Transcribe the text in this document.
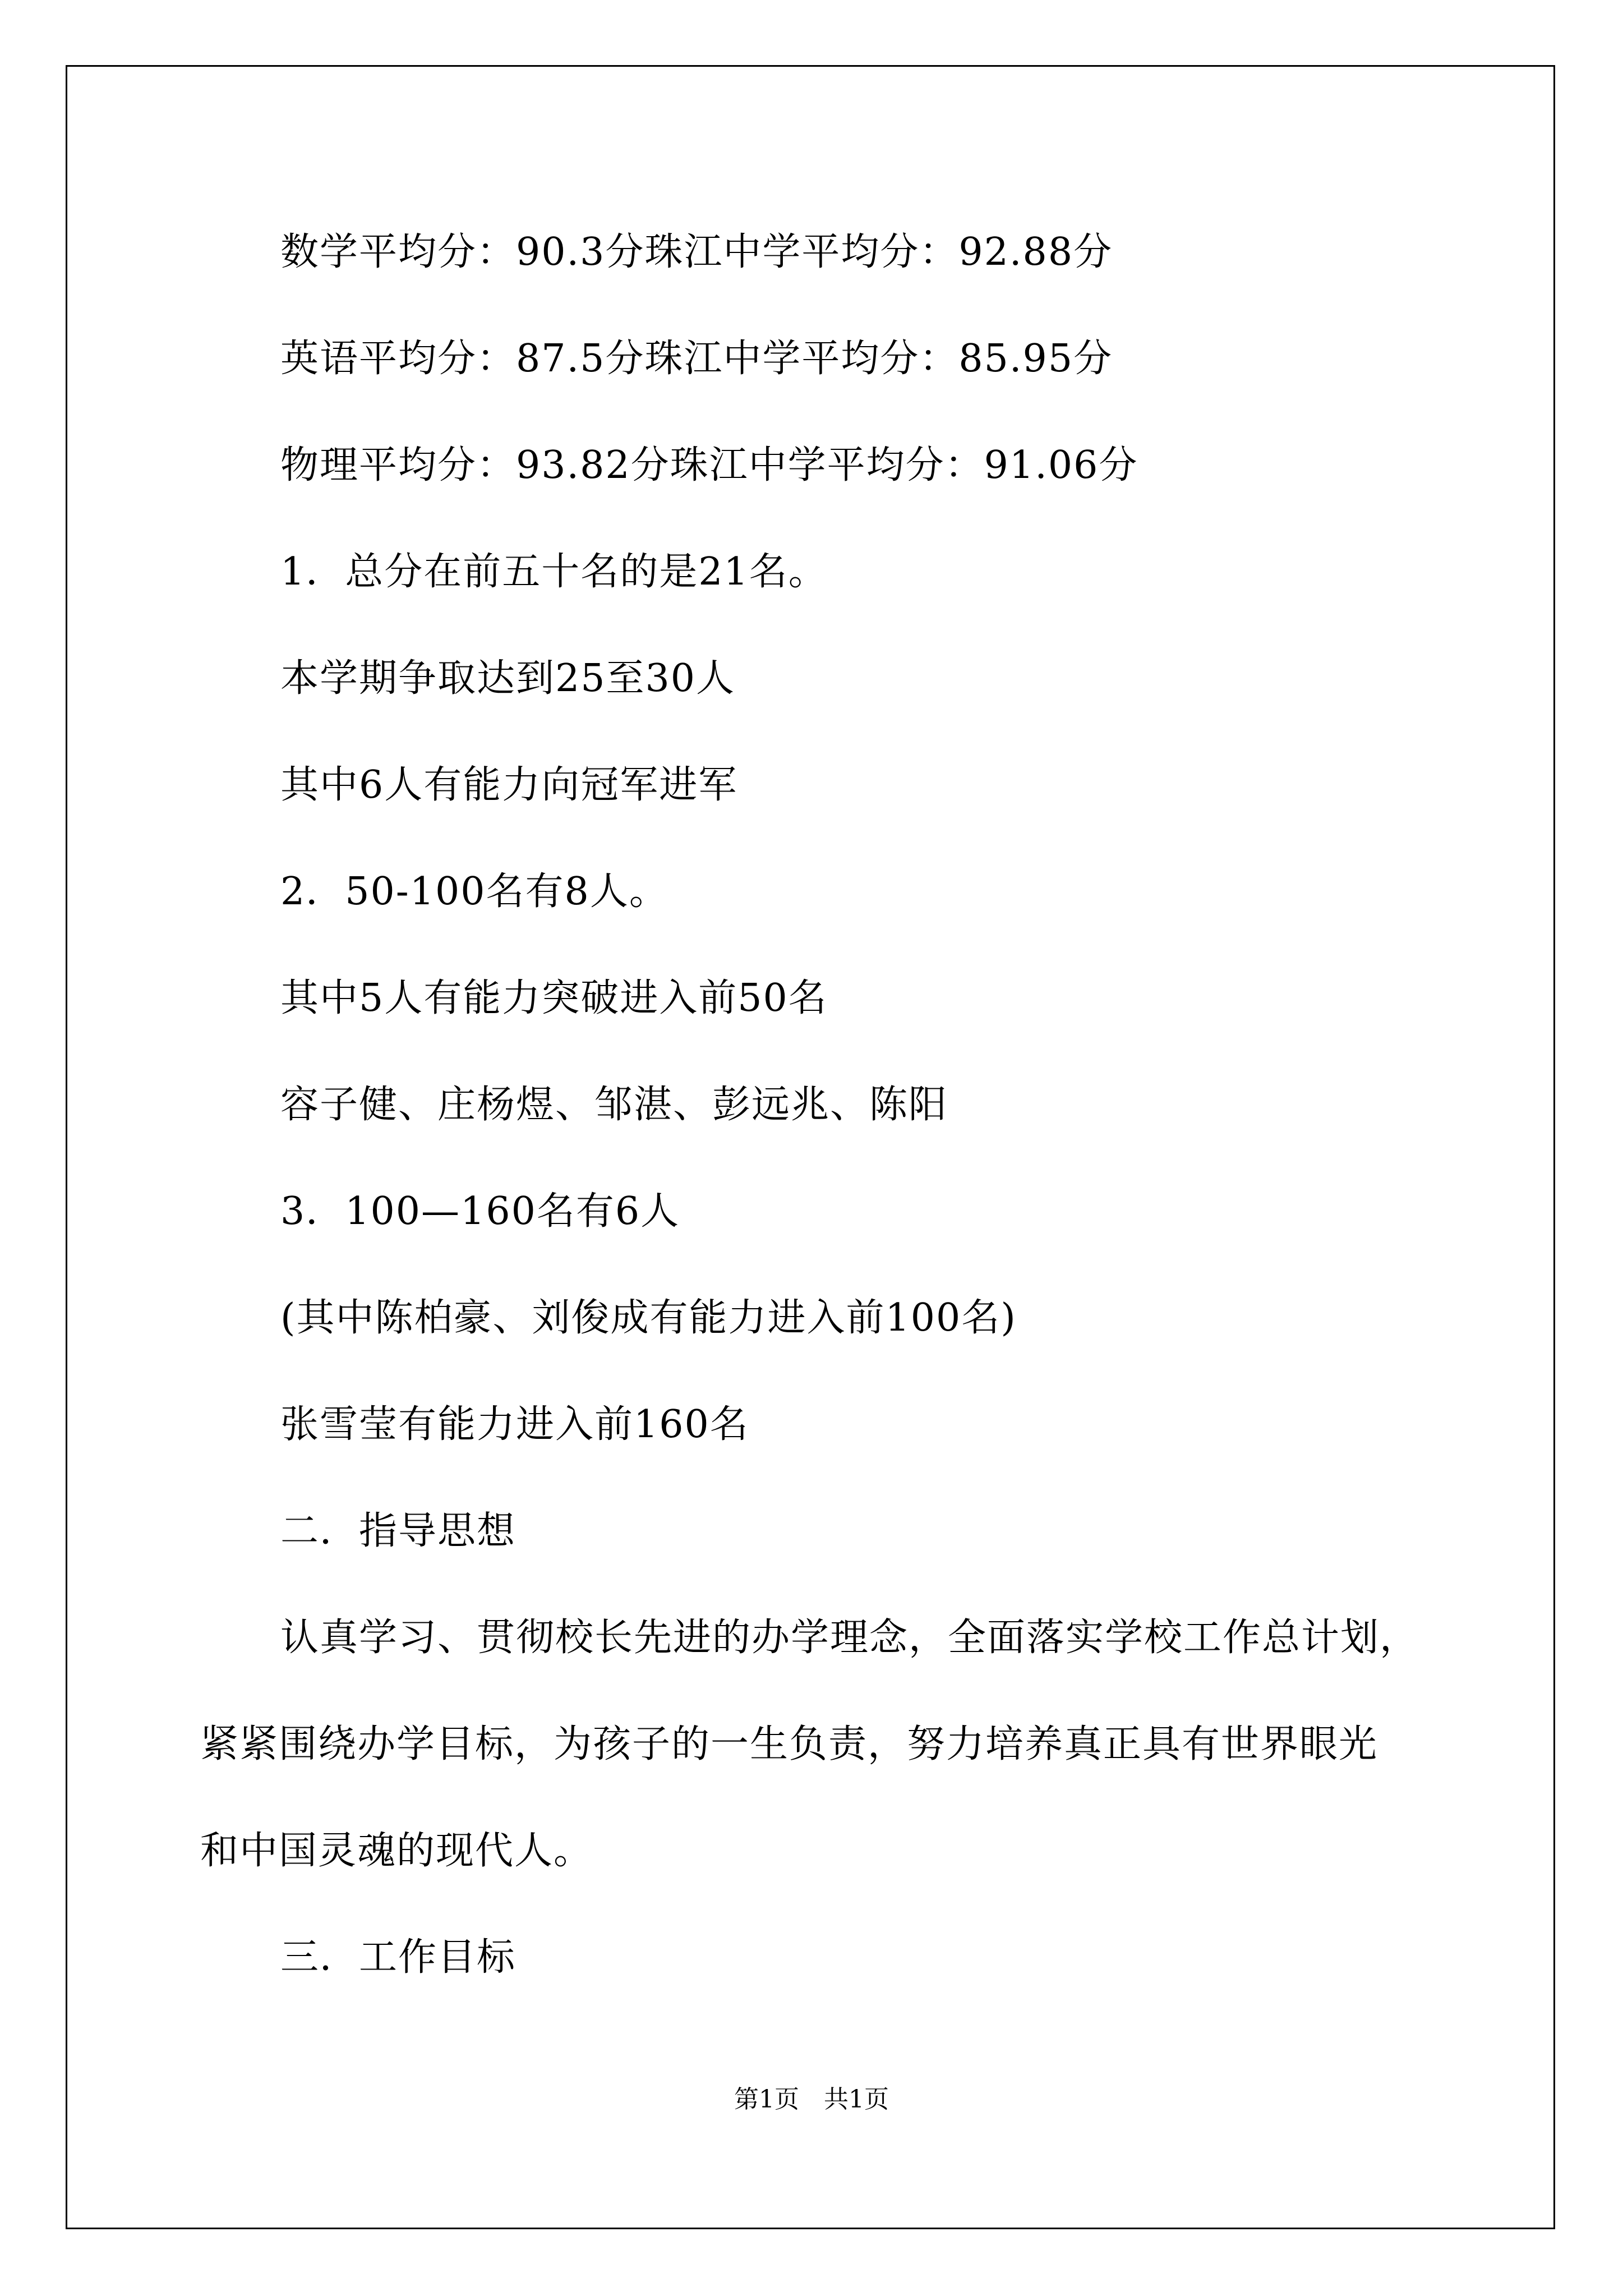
数学平均分：90.3分珠江中学平均分：92.88分
英语平均分：87.5分珠江中学平均分：85.95分
物理平均分：93.82分珠江中学平均分：91.06分
1．总分在前五十名的是21名。
本学期争取达到25至30人
其中6人有能力向冠军进军
2．50-100名有8人。
其中5人有能力突破进入前50名
容子健、庄杨煜、邹湛、彭远兆、陈阳
3．100—160名有6人
(其中陈柏豪、刘俊成有能力进入前100名)
张雪莹有能力进入前160名
二．指导思想
认真学习、贯彻校长先进的办学理念，全面落实学校工作总计划，
紧紧围绕办学目标，为孩子的一生负责，努力培养真正具有世界眼光
和中国灵魂的现代人。
三．工作目标
第1页　共1页
